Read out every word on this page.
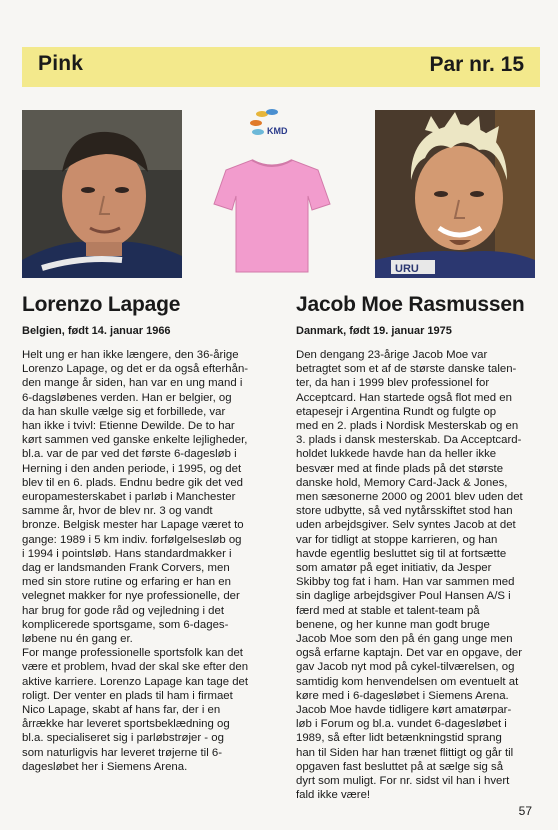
Pink	Par nr. 15
KMD
URU
Lorenzo Lapage	Jacob Moe Rasmussen
Belgien, født 14. januar 1966	Danmark, født 19. januar 1975
Helt ung er han ikke længere, den 36-årige
Lorenzo Lapage, og det er da også efterhån-
den mange år siden, han var en ung mand i
6-dagsløbenes verden. Han er belgier, og
da han skulle vælge sig et forbillede, var
han ikke i tvivl: Etienne Dewilde. De to har
kørt sammen ved ganske enkelte lejligheder,
bl.a. var de par ved det første 6-dagesløb i
Herning i den anden periode, i 1995, og det
blev til en 6. plads. Endnu bedre gik det ved
europamesterskabet i parløb i Manchester
samme år, hvor de blev nr. 3 og vandt
bronze. Belgisk mester har Lapage været to
gange: 1989 i 5 km indiv. forfølgelsesløb og
i 1994 i pointsløb. Hans standardmakker i
dag er landsmanden Frank Corvers, men
med sin store rutine og erfaring er han en
velegnet makker for nye professionelle, der
har brug for gode råd og vejledning i det
komplicerede sportsgame, som 6-dages-
løbene nu én gang er.
For mange professionelle sportsfolk kan det
være et problem, hvad der skal ske efter den
aktive karriere. Lorenzo Lapage kan tage det
roligt. Der venter en plads til ham i firmaet
Nico Lapage, skabt af hans far, der i en
årrække har leveret sportsbeklædning og
bl.a. specialiseret sig i parløbstrøjer - og
som naturligvis har leveret trøjerne til 6-
dagesløbet her i Siemens Arena.
Den dengang 23-årige Jacob Moe var
betragtet som et af de største danske talen-
ter, da han i 1999 blev professionel for
Acceptcard. Han startede også flot med en
etapesejr i Argentina Rundt og fulgte op
med en 2. plads i Nordisk Mesterskab og en
3. plads i dansk mesterskab. Da Acceptcard-
holdet lukkede havde han da heller ikke
besvær med at finde plads på det største
danske hold, Memory Card-Jack & Jones,
men sæsonerne 2000 og 2001 blev uden det
store udbytte, så ved nytårsskiftet stod han
uden arbejdsgiver. Selv syntes Jacob at det
var for tidligt at stoppe karrieren, og han
havde egentlig besluttet sig til at fortsætte
som amatør på eget initiativ, da Jesper
Skibby tog fat i ham. Han var sammen med
sin daglige arbejdsgiver Poul Hansen A/S i
færd med at stable et talent-team på
benene, og her kunne man godt bruge
Jacob Moe som den på én gang unge men
også erfarne kaptajn. Det var en opgave, der
gav Jacob nyt mod på cykel-tilværelsen, og
samtidig kom henvendelsen om eventuelt at
køre med i 6-dagesløbet i Siemens Arena.
Jacob Moe havde tidligere kørt amatørpar-
løb i Forum og bl.a. vundet 6-dagesløbet i
1989, så efter lidt betænkningstid sprang
han til Siden har han trænet flittigt og går til
opgaven fast besluttet på at sælge sig så
dyrt som muligt. For nr. sidst vil han i hvert
fald ikke være!
57
